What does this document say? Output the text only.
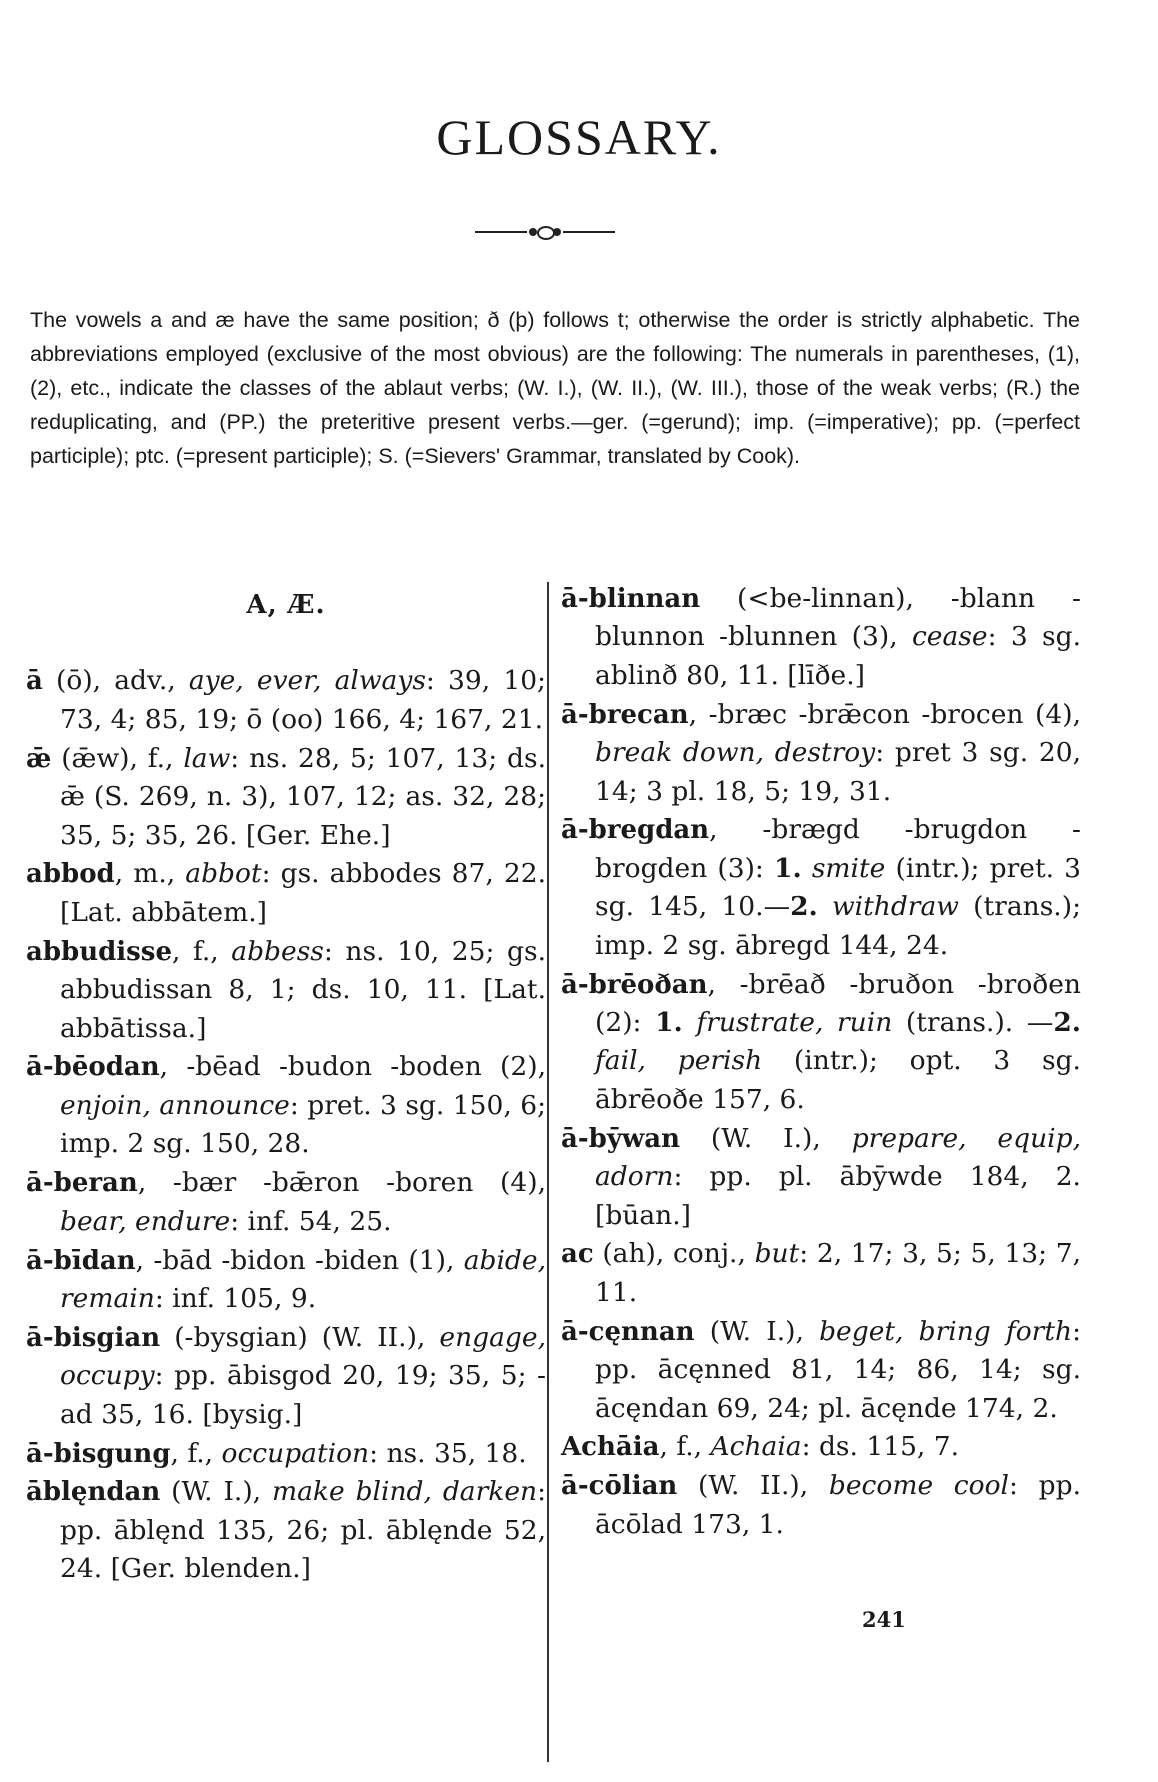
GLOSSARY.
The vowels a and æ have the same position; ð (þ) follows t; otherwise the order is strictly alphabetic. The abbreviations employed (exclusive of the most obvious) are the following: The numerals in parentheses, (1), (2), etc., indicate the classes of the ablaut verbs; (W. I.), (W. II.), (W. III.), those of the weak verbs; (R.) the reduplicating, and (PP.) the preteritive present verbs.—ger. (=gerund); imp. (=imperative); pp. (=perfect participle); ptc. (=present participle); S. (=Sievers' Grammar, translated by Cook).
A, Æ.
ā (ō), adv., aye, ever, always: 39, 10; 73, 4; 85, 19; ō (oo) 166, 4; 167, 21.
ǣ (ǣw), f., law: ns. 28, 5; 107, 13; ds. ǣ (S. 269, n. 3), 107, 12; as. 32, 28; 35, 5; 35, 26. [Ger. Ehe.]
abbod, m., abbot: gs. abbodes 87, 22. [Lat. abbātem.]
abbudisse, f., abbess: ns. 10, 25; gs. abbudissan 8, 1; ds. 10, 11. [Lat. abbātissa.]
ā-bēodan, -bēad -budon -boden (2), enjoin, announce: pret. 3 sg. 150, 6; imp. 2 sg. 150, 28.
ā-beran, -bær -bǣron -boren (4), bear, endure: inf. 54, 25.
ā-bīdan, -bād -bidon -biden (1), abide, remain: inf. 105, 9.
ā-bisgian (-bysgian) (W. II.), engage, occupy: pp. ābisgod 20, 19; 35, 5; -ad 35, 16. [bysig.]
ā-bisgung, f., occupation: ns. 35, 18.
āblęndan (W. I.), make blind, darken: pp. āblęnd 135, 26; pl. āblęnde 52, 24. [Ger. blenden.]
ā-blinnan (<be-linnan), -blann -blunnon -blunnen (3), cease: 3 sg. ablinð 80, 11. [līðe.]
ā-brecan, -bræc -brǣcon -brocen (4), break down, destroy: pret 3 sg. 20, 14; 3 pl. 18, 5; 19, 31.
ā-bregdan, -brægd -brugdon -brogden (3): 1. smite (intr.); pret. 3 sg. 145, 10.—2. withdraw (trans.); imp. 2 sg. ābregd 144, 24.
ā-brēoðan, -brēað -bruðon -broðen (2): 1. frustrate, ruin (trans.). —2. fail, perish (intr.); opt. 3 sg. ābrēoðe 157, 6.
ā-bȳwan (W. I.), prepare, equip, adorn: pp. pl. ābȳwde 184, 2. [būan.]
ac (ah), conj., but: 2, 17; 3, 5; 5, 13; 7, 11.
ā-cęnnan (W. I.), beget, bring forth: pp. ācęnned 81, 14; 86, 14; sg. ācęndan 69, 24; pl. ācęnde 174, 2.
Achāia, f., Achaia: ds. 115, 7.
ā-cōlian (W. II.), become cool: pp. ācōlad 173, 1.
241
